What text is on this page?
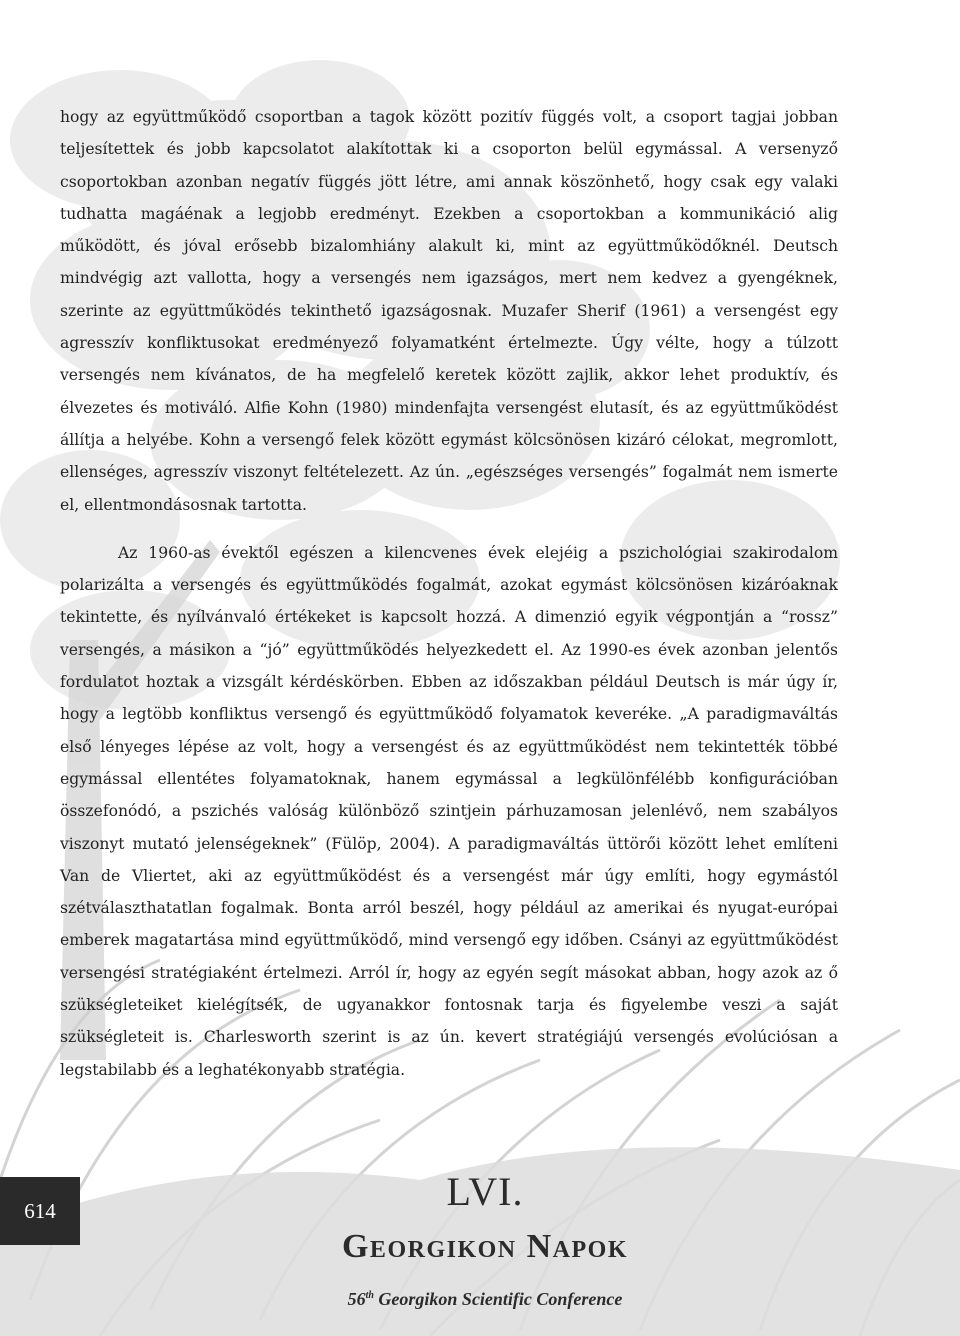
hogy az együttműködő csoportban a tagok között pozitív függés volt, a csoport tagjai jobban teljesítettek és jobb kapcsolatot alakítottak ki a csoporton belül egymással. A versenyző csoportokban azonban negatív függés jött létre, ami annak köszönhető, hogy csak egy valaki tudhatta magáénak a legjobb eredményt. Ezekben a csoportokban a kommunikáció alig működött, és jóval erősebb bizalomhiány alakult ki, mint az együttműködőknél. Deutsch mindvégig azt vallotta, hogy a versengés nem igazságos, mert nem kedvez a gyengéknek, szerinte az együttműködés tekinthető igazságosnak. Muzafer Sherif (1961) a versengést egy agresszív konfliktusokat eredményező folyamatként értelmezte. Úgy vélte, hogy a túlzott versengés nem kívánatos, de ha megfelelő keretek között zajlik, akkor lehet produktív, és élvezetes és motiváló. Alfie Kohn (1980) mindenfajta versengést elutasít, és az együttműködést állítja a helyébe. Kohn a versengő felek között egymást kölcsönösen kizáró célokat, megromlott, ellenséges, agresszív viszonyt feltételezett. Az ún. „egészséges versengés” fogalmát nem ismerte el, ellentmondásosnak tartotta.

Az 1960-as évektől egészen a kilencvenes évek elejéig a pszichológiai szakirodalom polarizálta a versengés és együttműködés fogalmát, azokat egymást kölcsönösen kizáróaknak tekintette, és nyílvánvaló értékeket is kapcsolt hozzá. A dimenzió egyik végpontján a “rossz” versengés, a másikon a “jó” együttműködés helyezkedett el. Az 1990-es évek azonban jelentős fordulatot hoztak a vizsgált kérdéskörben. Ebben az időszakban például Deutsch is már úgy ír, hogy a legtöbb konfliktus versengő és együttműködő folyamatok keveréke. „A paradigmaváltás első lényeges lépése az volt, hogy a versengést és az együttműködést nem tekintették többé egymással ellentétes folyamatoknak, hanem egymással a legkülönfélébb konfigurációban összefonódó, a pszichés valóság különböző szintjein párhuzamosan jelenlévő, nem szabályos viszonyt mutató jelenségeknek” (Fülöp, 2004). A paradigmaváltás üttörői között lehet említeni Van de Vliertet, aki az együttműködést és a versengést már úgy említi, hogy egymástól szétválaszthatatlan fogalmak. Bonta arról beszél, hogy például az amerikai és nyugat-európai emberek magatartása mind együttműködő, mind versengő egy időben. Csányi az együttműködést versengési stratégiaként értelmezi. Arról ír, hogy az egyén segít másokat abban, hogy azok az ő szükségleteiket kielégítsék, de ugyanakkor fontosnak tarja és figyelembe veszi a saját szükségleteit is. Charlesworth szerint is az ún. kevert stratégiájú versengés evolúciósan a legstabilabb és a leghatékonyabb stratégia.

614	LVI.
Georgikon Napok
56th Georgikon Scientific Conference
